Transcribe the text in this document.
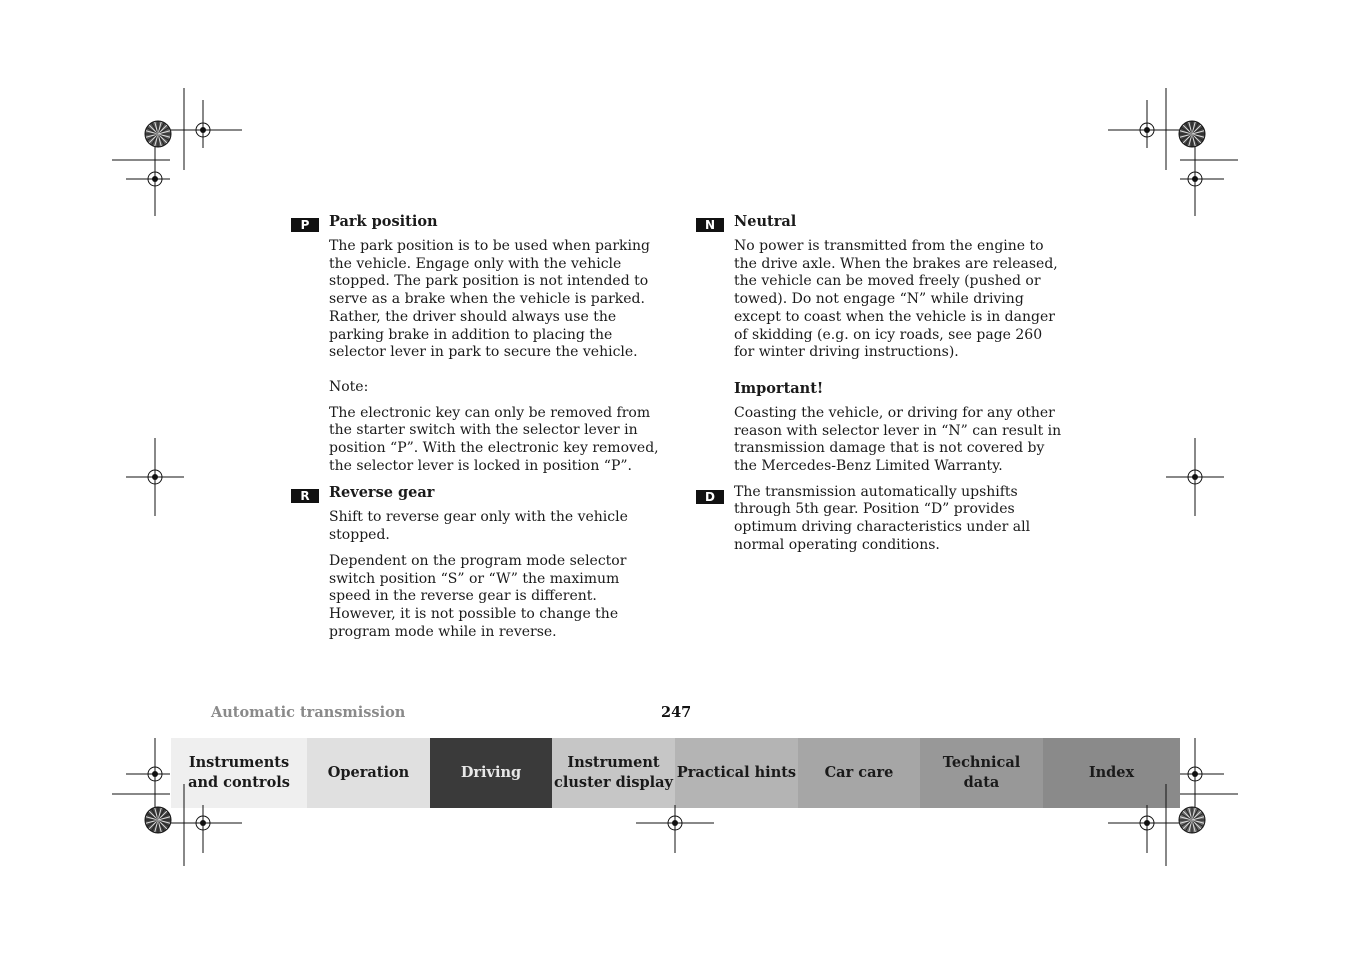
P	Park position

The park position is to be used when parking the vehicle. Engage only with the vehicle stopped. The park position is not intended to serve as a brake when the vehicle is parked. Rather, the driver should always use the parking brake in addition to placing the selector lever in park to secure the vehicle.

Note:

The electronic key can only be removed from the starter switch with the selector lever in position “P”. With the electronic key removed, the selector lever is locked in position “P”.

R	Reverse gear

Shift to reverse gear only with the vehicle stopped.

Dependent on the program mode selector switch position “S” or “W” the maximum speed in the reverse gear is different. However, it is not possible to change the program mode while in reverse.

N	Neutral

No power is transmitted from the engine to the drive axle. When the brakes are released, the vehicle can be moved freely (pushed or towed). Do not engage “N” while driving except to coast when the vehicle is in danger of skidding (e.g. on icy roads, see page 260 for winter driving instructions).

Important!

Coasting the vehicle, or driving for any other reason with selector lever in “N” can result in transmission damage that is not covered by the Mercedes-Benz Limited Warranty.

D	The transmission automatically upshifts through 5th gear. Position “D” provides optimum driving characteristics under all normal operating conditions.

Automatic transmission	247
Instruments
and controls
Operation	Driving
Instrument
cluster display
Practical hints Car care
Technical
data
Index
